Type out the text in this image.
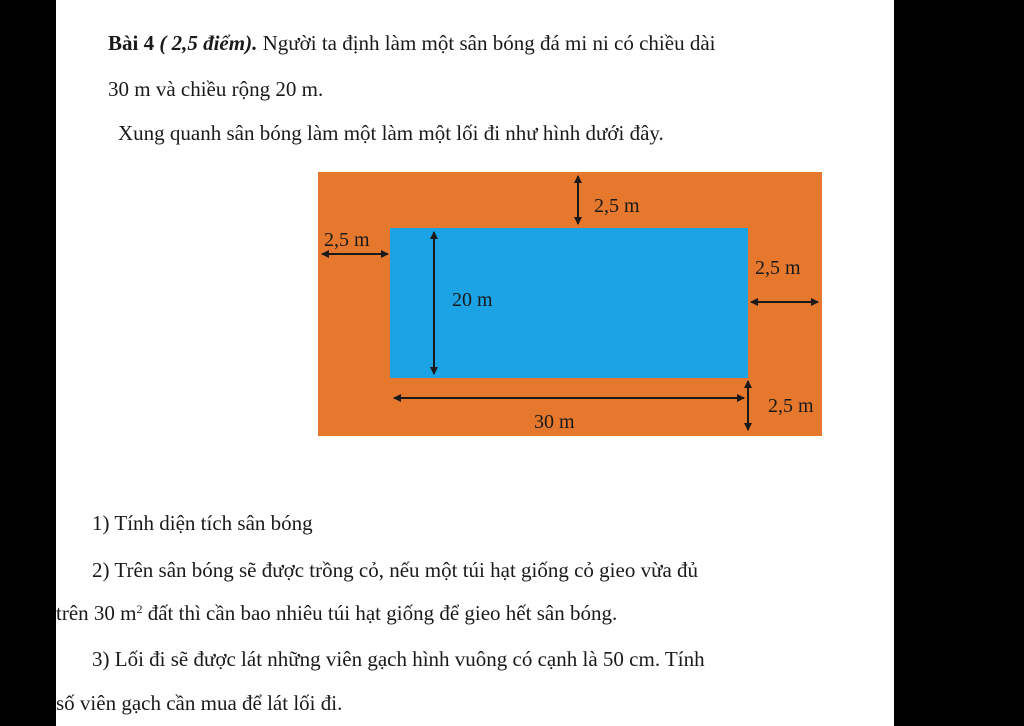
Bài 4 ( 2,5 điểm). Người ta định làm một sân bóng đá mi ni có chiều dài
30 m và chiều rộng 20 m.
Xung quanh sân bóng làm một làm một lối đi như hình dưới đây.
2,5 m
2,5 m
2,5 m
20 m
30 m
2,5 m
1) Tính diện tích sân bóng
2) Trên sân bóng sẽ được trồng cỏ, nếu một túi hạt giống cỏ gieo vừa đủ
trên 30 $m^2$ đất thì cần bao nhiêu túi hạt giống để gieo hết sân bóng.
3) Lối đi sẽ được lát những viên gạch hình vuông có cạnh là 50 cm. Tính
số viên gạch cần mua để lát lối đi.
